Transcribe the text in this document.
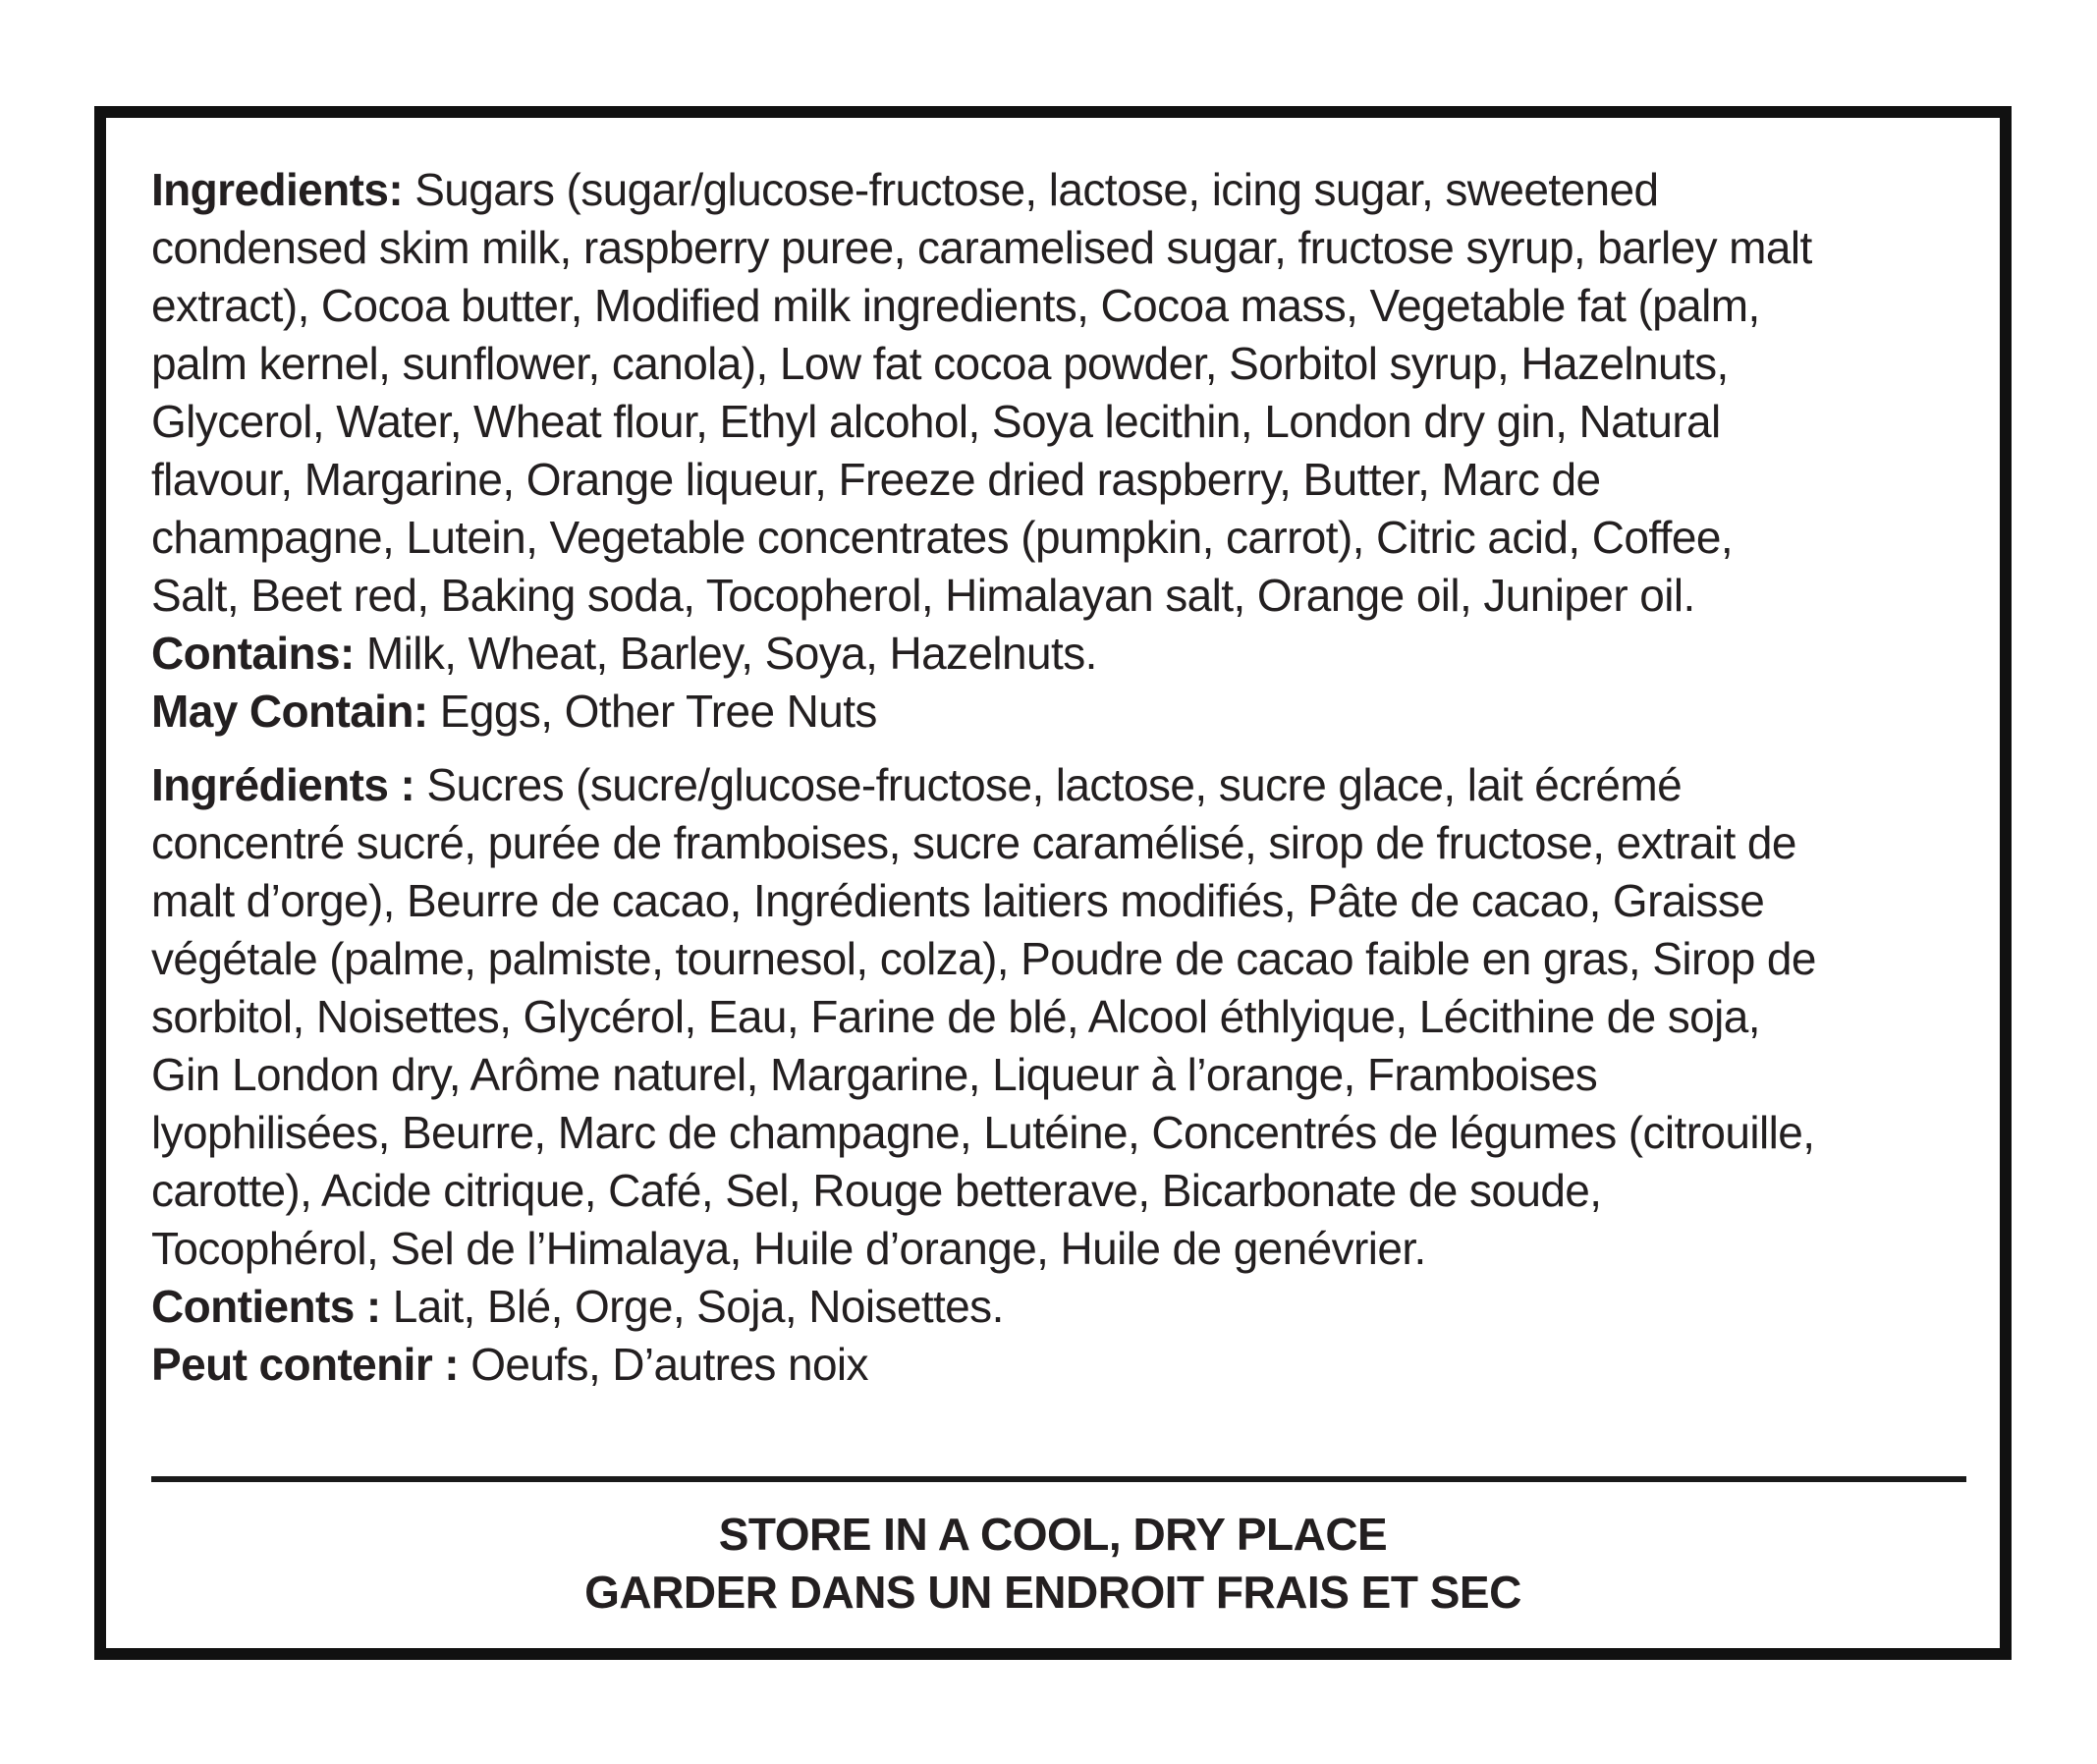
Ingredients: Sugars (sugar/glucose-fructose, lactose, icing sugar, sweetened
condensed skim milk, raspberry puree, caramelised sugar, fructose syrup, barley malt
extract), Cocoa butter, Modified milk ingredients, Cocoa mass, Vegetable fat (palm,
palm kernel, sunflower, canola), Low fat cocoa powder, Sorbitol syrup, Hazelnuts,
Glycerol, Water, Wheat flour, Ethyl alcohol, Soya lecithin, London dry gin, Natural
flavour, Margarine, Orange liqueur, Freeze dried raspberry, Butter, Marc de
champagne, Lutein, Vegetable concentrates (pumpkin, carrot), Citric acid, Coffee,
Salt, Beet red, Baking soda, Tocopherol, Himalayan salt, Orange oil, Juniper oil.
Contains: Milk, Wheat, Barley, Soya, Hazelnuts.
May Contain: Eggs, Other Tree Nuts
Ingrédients : Sucres (sucre/glucose-fructose, lactose, sucre glace, lait écrémé
concentré sucré, purée de framboises, sucre caramélisé, sirop de fructose, extrait de
malt d’orge), Beurre de cacao, Ingrédients laitiers modifiés, Pâte de cacao, Graisse
végétale (palme, palmiste, tournesol, colza), Poudre de cacao faible en gras, Sirop de
sorbitol, Noisettes, Glycérol, Eau, Farine de blé, Alcool éthlyique, Lécithine de soja,
Gin London dry, Arôme naturel, Margarine, Liqueur à l’orange, Framboises
lyophilisées, Beurre, Marc de champagne, Lutéine, Concentrés de légumes (citrouille,
carotte), Acide citrique, Café, Sel, Rouge betterave, Bicarbonate de soude,
Tocophérol, Sel de l’Himalaya, Huile d’orange, Huile de genévrier.
Contients : Lait, Blé, Orge, Soja, Noisettes.
Peut contenir : Oeufs, D’autres noix
STORE IN A COOL, DRY PLACE
GARDER DANS UN ENDROIT FRAIS ET SEC
